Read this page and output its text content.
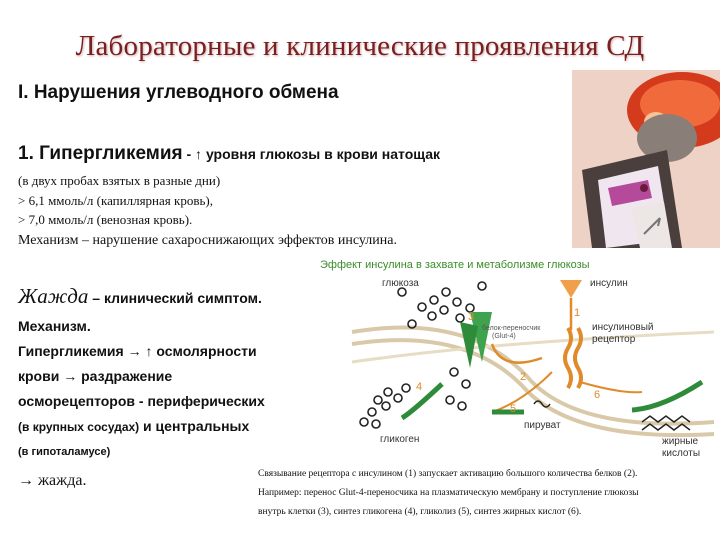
Лабораторные и клинические проявления СД
I. Нарушения углеводного обмена
1. Гипергликемия - ↑ уровня глюкозы в крови натощак
(в двух пробах взятых в разные дни)
> 6,1 ммоль/л (капиллярная кровь),
> 7,0 ммоль/л (венозная кровь).
Механизм – нарушение сахароснижающих эффектов инсулина.
Эффект инсулина в захвате и метаболизме глюкозы
глюкоза	инсулин
белок-переносчик
(Glut-4)
инсулиновый
рецептор
гликоген
пируват
жирные
кислоты
1
2
3
4
5
6
Жажда – клинический симптом.
Механизм.
Гипергликемия → ↑ осмолярности
крови → раздражение
осморецепторов - периферических
(в крупных сосудах) и центральных
(в гипоталамусе)
→ жажда.	Связывание рецептора с инсулином (1) запускает активацию большого количества белков (2).
Например: перенос Glut-4-переносчика на плазматическую мембрану и поступление глюкозы
внутрь клетки (3), синтез гликогена (4), гликолиз (5), синтез жирных кислот (6).
